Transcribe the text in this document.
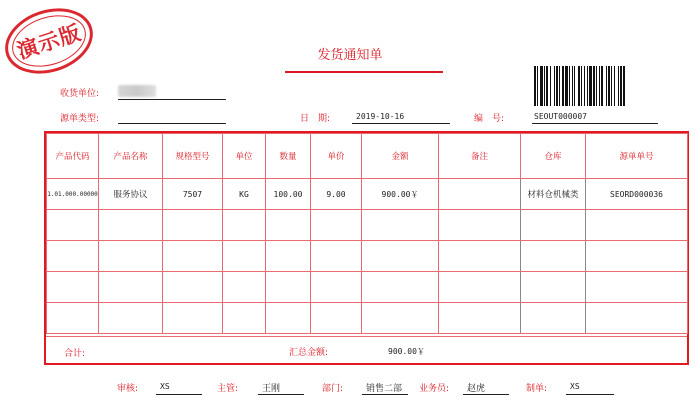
演示版	发货通知单
收货单位:
源单类型:	日　期:	2019-10-16	编　号:	SEOUT000007
产品代码	产品名称	规格型号	单位	数量	单价	金额	备注	仓库	源单单号
1.01.000.00000	服务协议	7507	KG	100.00	9.00	900.00￥		材料仓机械类	SEORD000036

合计:	汇总金额:	900.00￥
审核:	XS	主管:	王刚	部门:	销售二部 业务员: 赵虎	制单:	XS
